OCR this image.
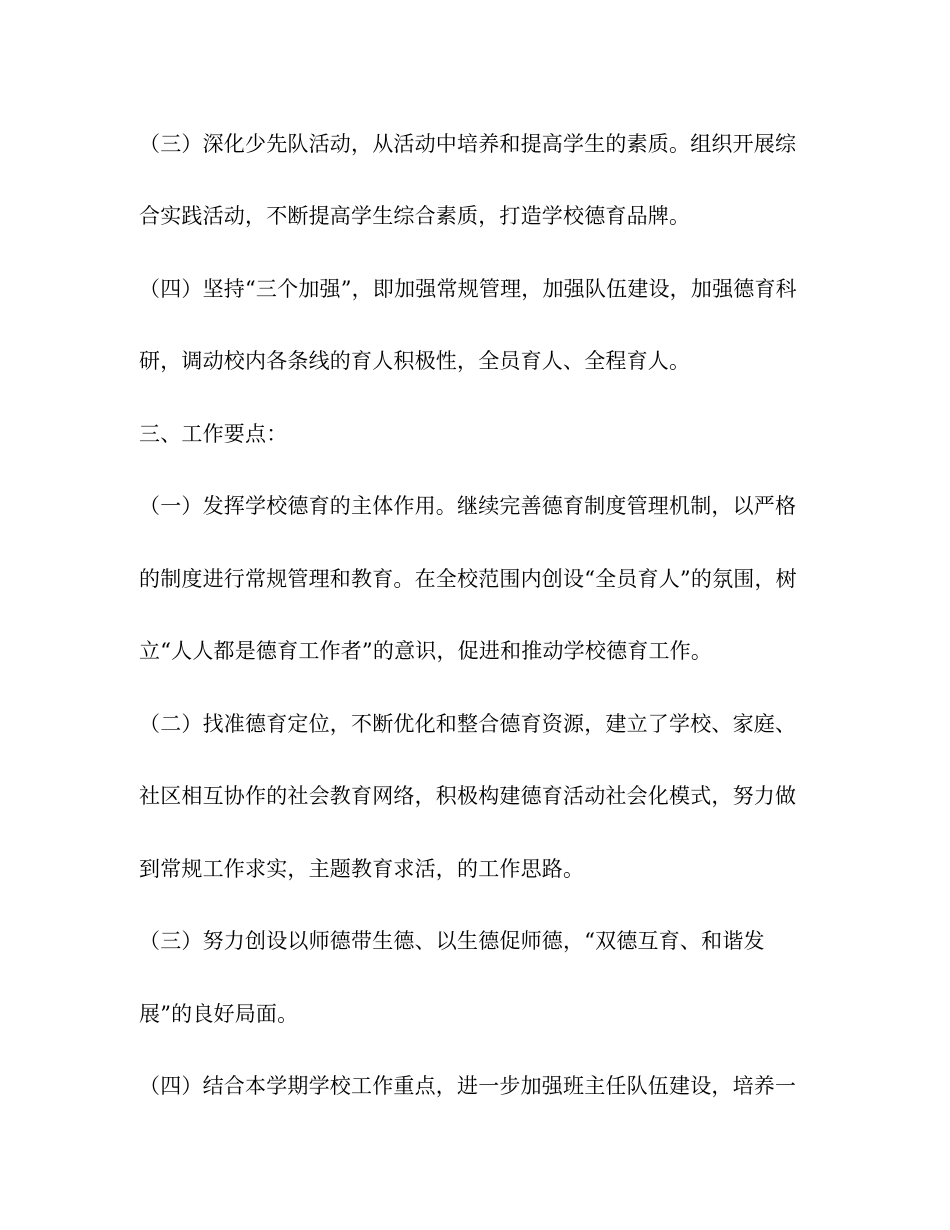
（三）深化少先队活动，从活动中培养和提高学生的素质。组织开展综
合实践活动，不断提高学生综合素质，打造学校德育品牌。
（四）坚持“三个加强”，即加强常规管理，加强队伍建设，加强德育科
研，调动校内各条线的育人积极性，全员育人、全程育人。
三、工作要点：
（一）发挥学校德育的主体作用。继续完善德育制度管理机制，以严格
的制度进行常规管理和教育。在全校范围内创设“全员育人”的氛围，树
立“人人都是德育工作者”的意识，促进和推动学校德育工作。
（二）找准德育定位，不断优化和整合德育资源，建立了学校、家庭、
社区相互协作的社会教育网络，积极构建德育活动社会化模式，努力做
到常规工作求实，主题教育求活，的工作思路。
（三）努力创设以师德带生德、以生德促师德，“双德互育、和谐发
展”的良好局面。
（四）结合本学期学校工作重点，进一步加强班主任队伍建设，培养一
